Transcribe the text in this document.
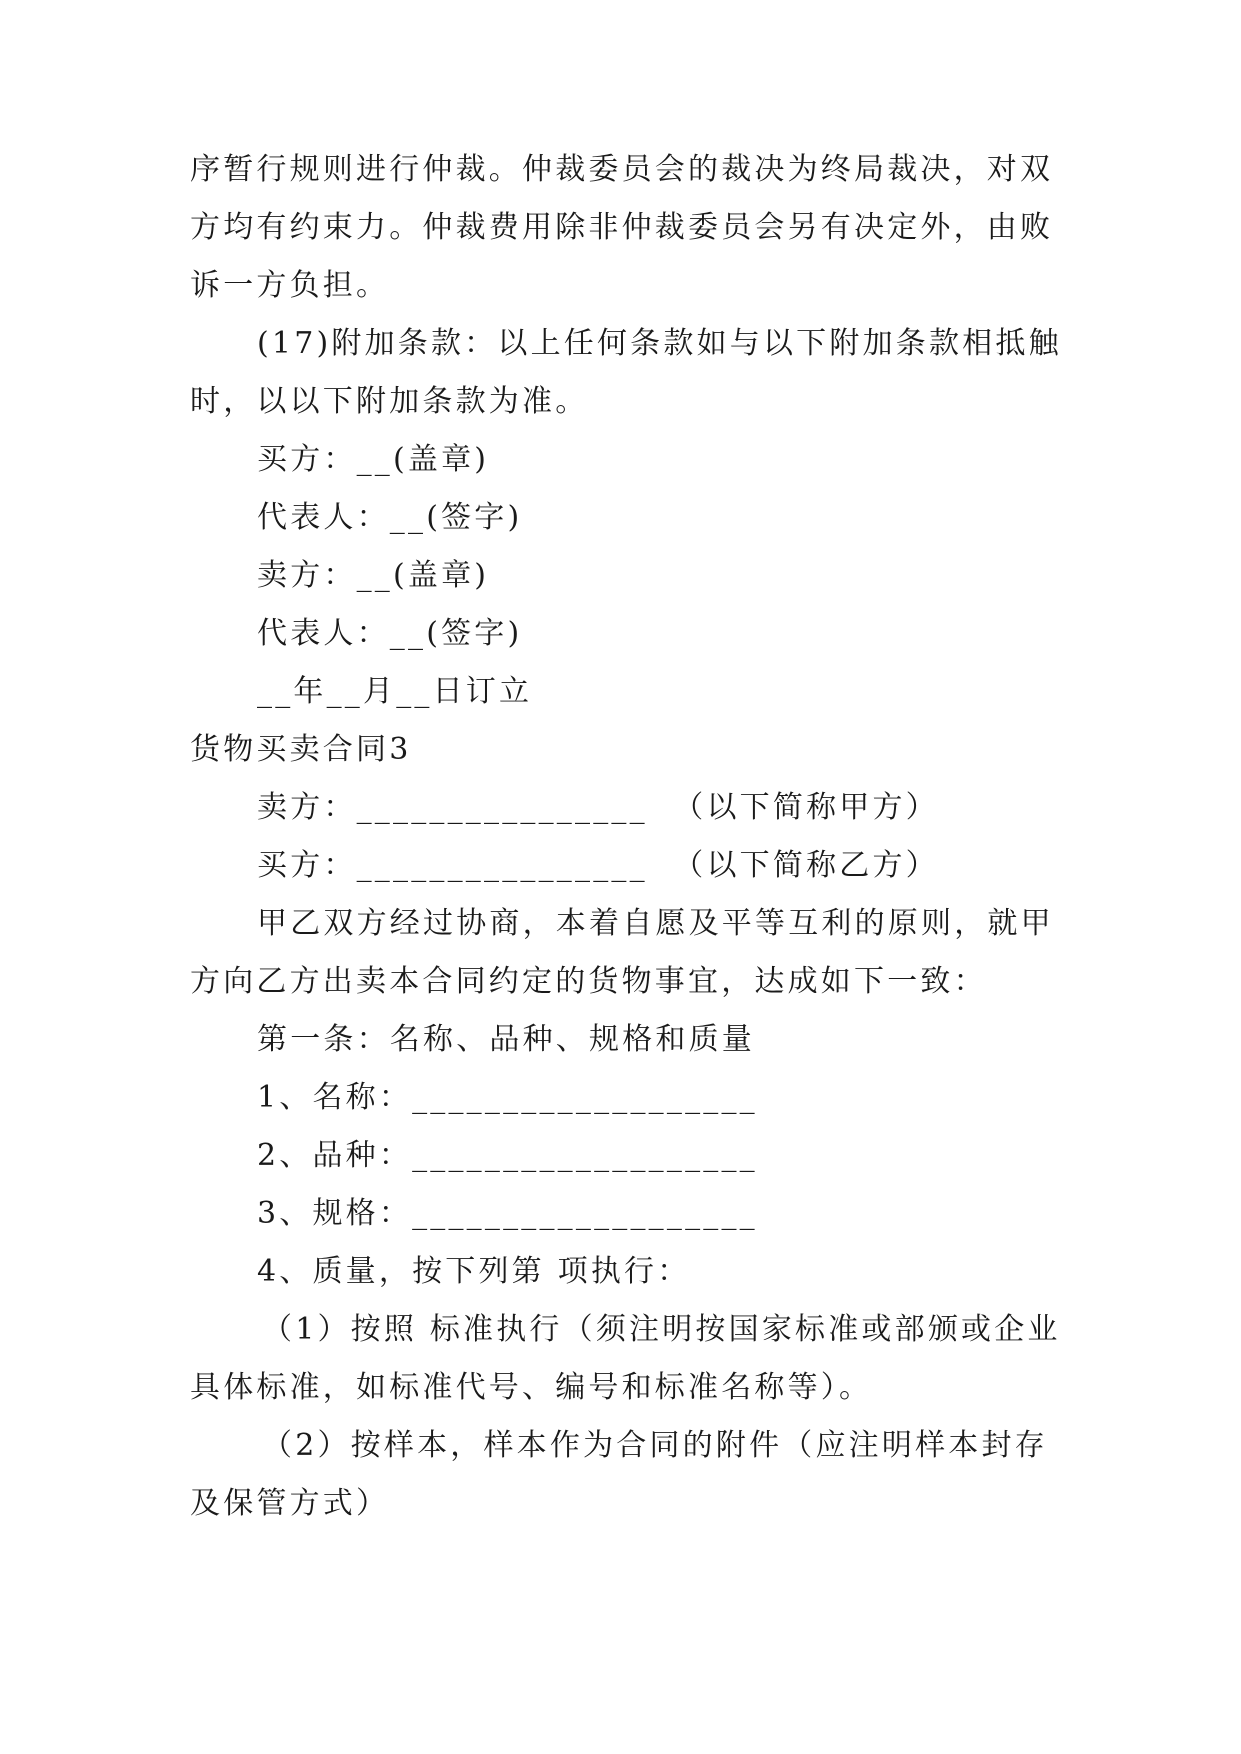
序暂行规则进行仲裁。仲裁委员会的裁决为终局裁决，对双
方均有约束力。仲裁费用除非仲裁委员会另有决定外，由败
诉一方负担。
(17)附加条款：以上任何条款如与以下附加条款相抵触
时，以以下附加条款为准。
买方：__(盖章)
代表人：__(签字)
卖方：__(盖章)
代表人：__(签字)
__年__月__日订立
货物买卖合同3
卖方：________________  （以下简称甲方）
买方：________________  （以下简称乙方）
甲乙双方经过协商，本着自愿及平等互利的原则，就甲
方向乙方出卖本合同约定的货物事宜，达成如下一致：
第一条：名称、品种、规格和质量
1、名称：___________________
2、品种：___________________
3、规格：___________________
4、质量，按下列第 项执行：
（1）按照 标准执行（须注明按国家标准或部颁或企业
具体标准，如标准代号、编号和标准名称等）。
（2）按样本，样本作为合同的附件（应注明样本封存
及保管方式）
